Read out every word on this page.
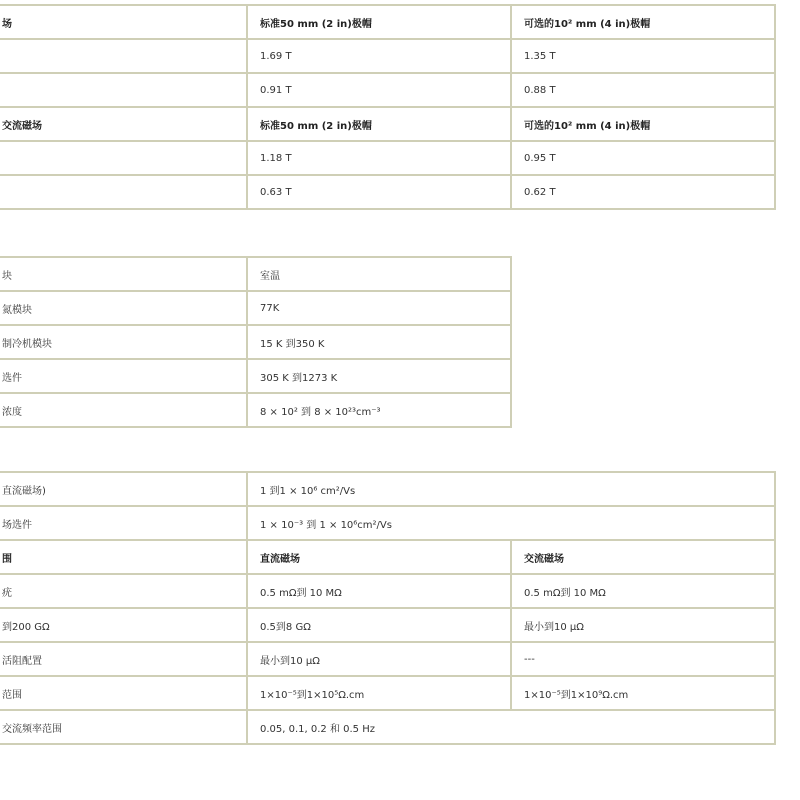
场	标准50 mm (2 in)极帽	可选的10² mm (4 in)极帽
	1.69 T	1.35 T
	0.91 T	0.88 T
交流磁场	标准50 mm (2 in)极帽	可选的10² mm (4 in)极帽
	1.18 T	0.95 T
	0.63 T	0.62 T
块	室温
氮模块	77K
制冷机模块	15 K 到350 K
选件	305 K 到1273 K
浓度	8 × 10² 到 8 × 10²³cm⁻³
直流磁场)	1 到1 × 10⁶ cm²/Vs	
场选件	1 × 10⁻³ 到 1 × 10⁶cm²/Vs	
围	直流磁场	交流磁场
疣	0.5 mΩ到 10 MΩ	0.5 mΩ到 10 MΩ
到200 GΩ	0.5到8 GΩ	最小到10 μΩ
活阻配置	最小到10 μΩ	---
范围	1×10⁻⁵到1×10⁵Ω.cm	1×10⁻⁵到1×10⁹Ω.cm
交流频率范围	0.05, 0.1, 0.2 和 0.5 Hz	
